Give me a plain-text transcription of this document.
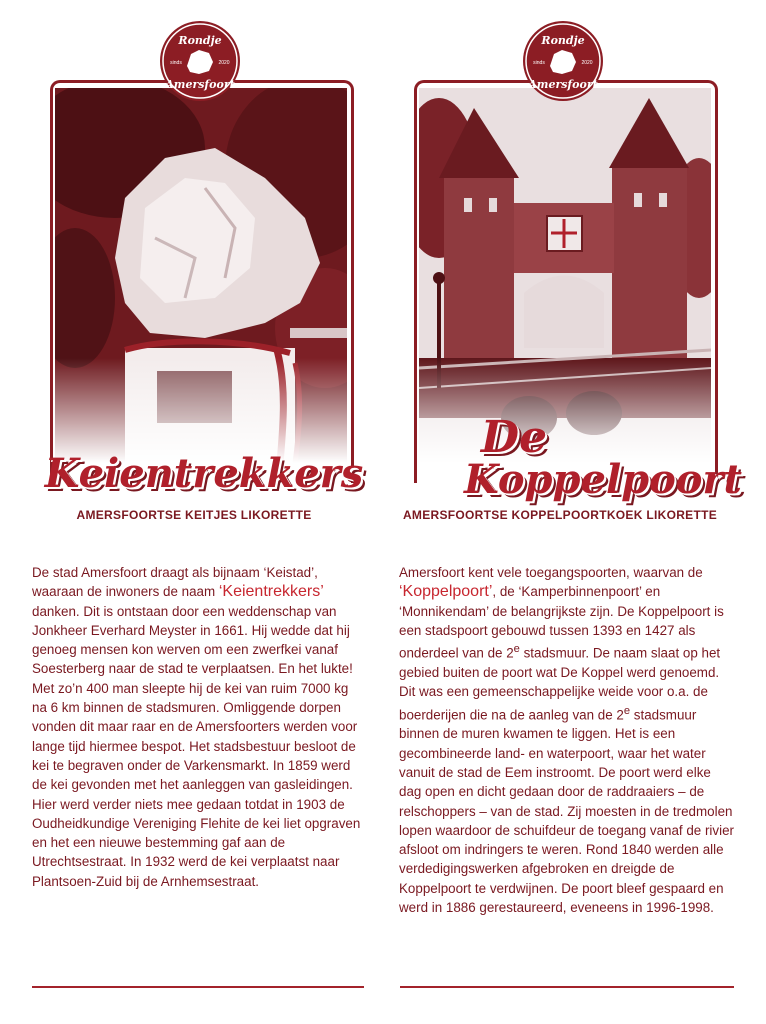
Rondje
Amersfoort
sinds	2020
Keientrekkers
AMERSFOORTSE KEITJES LIKORETTE
De stad Amersfoort draagt als bijnaam ‘Keistad’, waaraan de inwoners de naam ‘Keientrekkers’ danken. Dit is ontstaan door een weddenschap van Jonkheer Everhard Meyster in 1661. Hij wedde dat hij genoeg mensen kon werven om een zwerfkei vanaf Soesterberg naar de stad te verplaatsen. En het lukte! Met zo’n 400 man sleepte hij de kei van ruim 7000 kg na 6 km binnen de stadsmuren. Omliggende dorpen vonden dit maar raar en de Amersfoorters werden voor lange tijd hiermee bespot. Het stadsbestuur besloot de kei te begraven onder de Varkensmarkt. In 1859 werd de kei gevonden met het aanleggen van gasleidingen. Hier werd verder niets mee gedaan totdat in 1903 de Oudheidkundige Vereniging Flehite de kei liet opgraven en het een nieuwe bestemming gaf aan de Utrechtsestraat. In 1932 werd de kei verplaatst naar Plantsoen-Zuid bij de Arnhemsestraat.
Rondje
Amersfoort
sinds	2020
De
Koppelpoort
AMERSFOORTSE KOPPELPOORTKOEK LIKORETTE
Amersfoort kent vele toegangspoorten, waarvan de ‘Koppelpoort’, de ‘Kamperbinnenpoort’ en ‘Monnikendam’ de belangrijkste zijn. De Koppelpoort is een stadspoort gebouwd tussen 1393 en 1427 als onderdeel van de 2e stadsmuur. De naam slaat op het gebied buiten de poort wat De Koppel werd genoemd. Dit was een gemeenschappelijke weide voor o.a. de boerderijen die na de aanleg van de 2e stadsmuur binnen de muren kwamen te liggen. Het is een gecombineerde land- en waterpoort, waar het water vanuit de stad de Eem instroomt. De poort werd elke dag open en dicht gedaan door de raddraaiers – de relschoppers – van de stad. Zij moesten in de tredmolen lopen waardoor de schuifdeur de toegang vanaf de rivier afsloot om indringers te weren. Rond 1840 werden alle verdedigingswerken afgebroken en dreigde de Koppelpoort te verdwijnen. De poort bleef gespaard en werd in 1886 gerestaureerd, eveneens in 1996-1998.
